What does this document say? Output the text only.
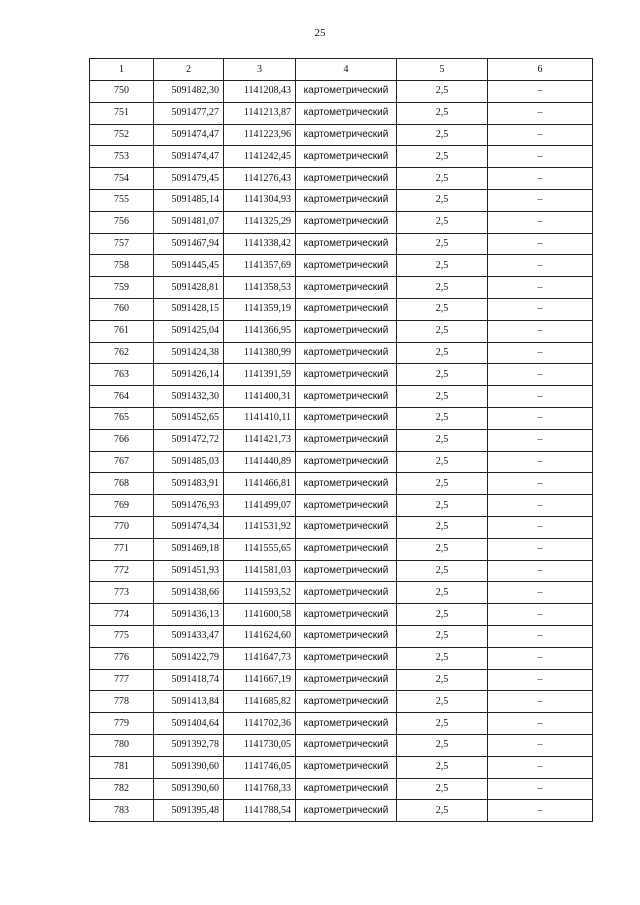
25
1	2	3	4	5	6
750	5091482,30	1141208,43	картометрический	2,5	–
751	5091477,27	1141213,87	картометрический	2,5	–
752	5091474,47	1141223,96	картометрический	2,5	–
753	5091474,47	1141242,45	картометрический	2,5	–
754	5091479,45	1141276,43	картометрический	2,5	–
755	5091485,14	1141304,93	картометрический	2,5	–
756	5091481,07	1141325,29	картометрический	2,5	–
757	5091467,94	1141338,42	картометрический	2,5	–
758	5091445,45	1141357,69	картометрический	2,5	–
759	5091428,81	1141358,53	картометрический	2,5	–
760	5091428,15	1141359,19	картометрический	2,5	–
761	5091425,04	1141366,95	картометрический	2,5	–
762	5091424,38	1141380,99	картометрический	2,5	–
763	5091426,14	1141391,59	картометрический	2,5	–
764	5091432,30	1141400,31	картометрический	2,5	–
765	5091452,65	1141410,11	картометрический	2,5	–
766	5091472,72	1141421,73	картометрический	2,5	–
767	5091485,03	1141440,89	картометрический	2,5	–
768	5091483,91	1141466,81	картометрический	2,5	–
769	5091476,93	1141499,07	картометрический	2,5	–
770	5091474,34	1141531,92	картометрический	2,5	–
771	5091469,18	1141555,65	картометрический	2,5	–
772	5091451,93	1141581,03	картометрический	2,5	–
773	5091438,66	1141593,52	картометрический	2,5	–
774	5091436,13	1141600,58	картометрический	2,5	–
775	5091433,47	1141624,60	картометрический	2,5	–
776	5091422,79	1141647,73	картометрический	2,5	–
777	5091418,74	1141667,19	картометрический	2,5	–
778	5091413,84	1141685,82	картометрический	2,5	–
779	5091404,64	1141702,36	картометрический	2,5	–
780	5091392,78	1141730,05	картометрический	2,5	–
781	5091390,60	1141746,05	картометрический	2,5	–
782	5091390,60	1141768,33	картометрический	2,5	–
783	5091395,48	1141788,54	картометрический	2,5	–
